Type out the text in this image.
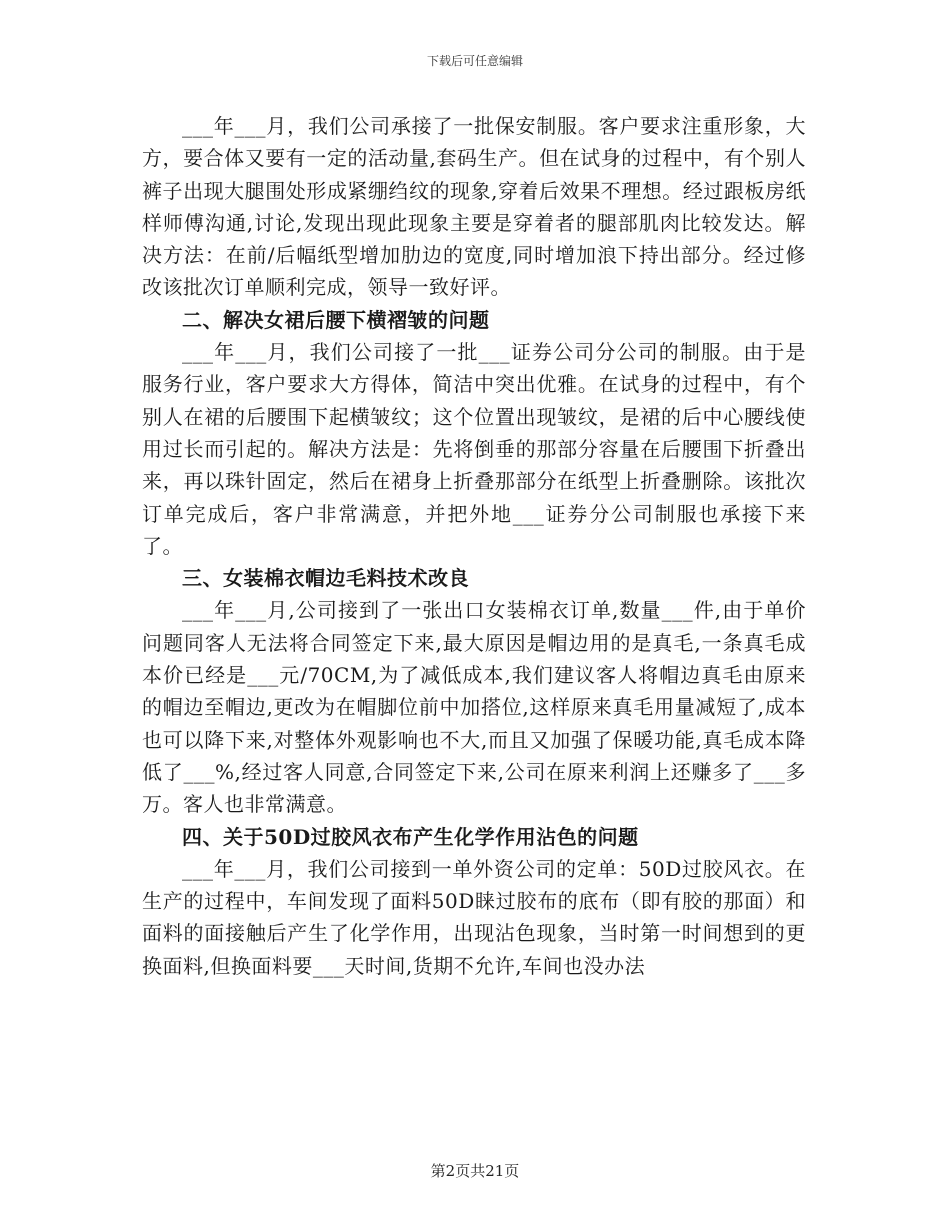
下载后可任意编辑

___年___月，我们公司承接了一批保安制服。客户要求注重形象，大方，要合体又要有一定的活动量,套码生产。但在试身的过程中，有个别人裤子出现大腿围处形成紧绷绉纹的现象,穿着后效果不理想。经过跟板房纸样师傅沟通,讨论,发现出现此现象主要是穿着者的腿部肌肉比较发达。解决方法：在前/后幅纸型增加肋边的宽度,同时增加浪下持出部分。经过修改该批次订单顺利完成，领导一致好评。

二、解决女裙后腰下横褶皱的问题

___年___月，我们公司接了一批___证券公司分公司的制服。由于是服务行业，客户要求大方得体，简洁中突出优雅。在试身的过程中，有个别人在裙的后腰围下起横皱纹；这个位置出现皱纹，是裙的后中心腰线使用过长而引起的。解决方法是：先将倒垂的那部分容量在后腰围下折叠出来，再以珠针固定，然后在裙身上折叠那部分在纸型上折叠删除。该批次订单完成后，客户非常满意，并把外地___证券分公司制服也承接下来了。

三、女装棉衣帽边毛料技术改良

___年___月,公司接到了一张出口女装棉衣订单,数量___件,由于单价问题同客人无法将合同签定下来,最大原因是帽边用的是真毛,一条真毛成本价已经是___元/70CM,为了减低成本,我们建议客人将帽边真毛由原来的帽边至帽边,更改为在帽脚位前中加搭位,这样原来真毛用量减短了,成本也可以降下来,对整体外观影响也不大,而且又加强了保暖功能,真毛成本降低了___%,经过客人同意,合同签定下来,公司在原来利润上还赚多了___多万。客人也非常满意。

四、关于50D过胶风衣布产生化学作用沾色的问题

___年___月，我们公司接到一单外资公司的定单：50D过胶风衣。在生产的过程中，车间发现了面料50D睐过胶布的底布（即有胶的那面）和面料的面接触后产生了化学作用，出现沾色现象，当时第一时间想到的更换面料,但换面料要___天时间,货期不允许,车间也没办法

第2页共21页
